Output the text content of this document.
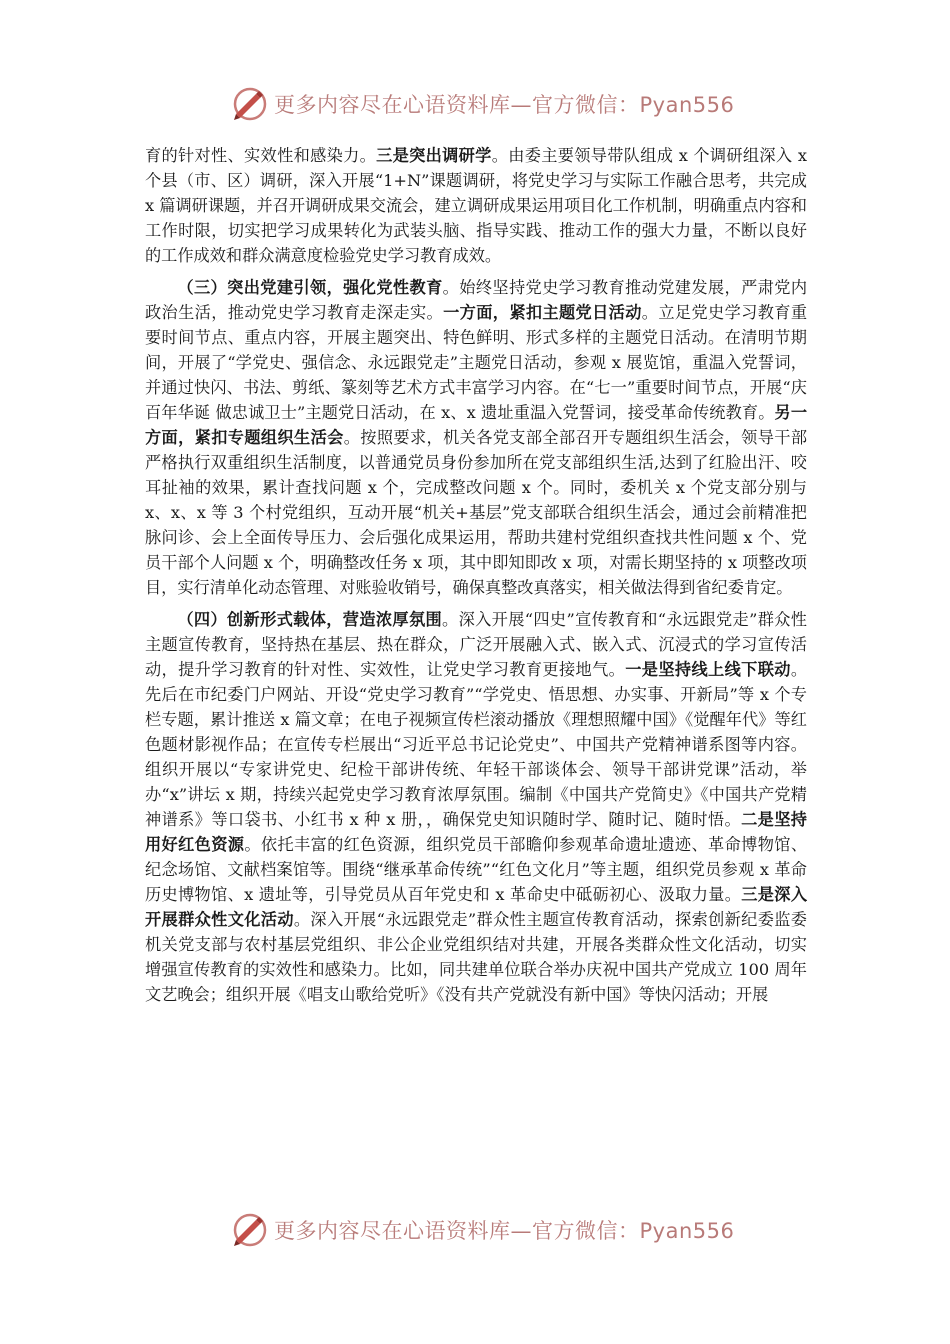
更多内容尽在心语资料库—官方微信：Pyan556

育的针对性、实效性和感染力。三是突出调研学。由委主要领导带队组成 x 个调研组深入 x 个县（市、区）调研，深入开展“1+N”课题调研，将党史学习与实际工作融合思考，共完成 x 篇调研课题，并召开调研成果交流会，建立调研成果运用项目化工作机制，明确重点内容和工作时限，切实把学习成果转化为武装头脑、指导实践、推动工作的强大力量，不断以良好的工作成效和群众满意度检验党史学习教育成效。

（三）突出党建引领，强化党性教育。始终坚持党史学习教育推动党建发展，严肃党内政治生活，推动党史学习教育走深走实。一方面，紧扣主题党日活动。立足党史学习教育重要时间节点、重点内容，开展主题突出、特色鲜明、形式多样的主题党日活动。在清明节期间，开展了“学党史、强信念、永远跟党走”主题党日活动，参观 x 展览馆，重温入党誓词，并通过快闪、书法、剪纸、篆刻等艺术方式丰富学习内容。在“七一”重要时间节点，开展“庆百年华诞 做忠诚卫士”主题党日活动，在 x、x 遗址重温入党誓词，接受革命传统教育。另一方面，紧扣专题组织生活会。按照要求，机关各党支部全部召开专题组织生活会，领导干部严格执行双重组织生活制度，以普通党员身份参加所在党支部组织生活,达到了红脸出汗、咬耳扯袖的效果，累计查找问题 x 个，完成整改问题 x 个。同时，委机关 x 个党支部分别与 x、x、x 等 3 个村党组织，互动开展“机关+基层”党支部联合组织生活会，通过会前精准把脉问诊、会上全面传导压力、会后强化成果运用，帮助共建村党组织查找共性问题 x 个、党员干部个人问题 x 个，明确整改任务 x 项，其中即知即改 x 项，对需长期坚持的 x 项整改项目，实行清单化动态管理、对账验收销号，确保真整改真落实，相关做法得到省纪委肯定。

（四）创新形式载体，营造浓厚氛围。深入开展“四史”宣传教育和“永远跟党走”群众性主题宣传教育，坚持热在基层、热在群众，广泛开展融入式、嵌入式、沉浸式的学习宣传活动，提升学习教育的针对性、实效性，让党史学习教育更接地气。一是坚持线上线下联动。先后在市纪委门户网站、开设“党史学习教育”“学党史、悟思想、办实事、开新局”等 x 个专栏专题，累计推送 x 篇文章；在电子视频宣传栏滚动播放《理想照耀中国》《觉醒年代》等红色题材影视作品；在宣传专栏展出“习近平总书记论党史”、中国共产党精神谱系图等内容。组织开展以“专家讲党史、纪检干部讲传统、年轻干部谈体会、领导干部讲党课”活动，举办“x”讲坛 x 期，持续兴起党史学习教育浓厚氛围。编制《中国共产党简史》《中国共产党精神谱系》等口袋书、小红书 x 种 x 册，，确保党史知识随时学、随时记、随时悟。二是坚持用好红色资源。依托丰富的红色资源，组织党员干部瞻仰参观革命遗址遗迹、革命博物馆、纪念场馆、文献档案馆等。围绕“继承革命传统”“红色文化月”等主题，组织党员参观 x 革命历史博物馆、x 遗址等，引导党员从百年党史和 x 革命史中砥砺初心、汲取力量。三是深入开展群众性文化活动。深入开展“永远跟党走”群众性主题宣传教育活动，探索创新纪委监委机关党支部与农村基层党组织、非公企业党组织结对共建，开展各类群众性文化活动，切实增强宣传教育的实效性和感染力。比如，同共建单位联合举办庆祝中国共产党成立 100 周年文艺晚会；组织开展《唱支山歌给党听》《没有共产党就没有新中国》等快闪活动；开展

更多内容尽在心语资料库—官方微信：Pyan556
